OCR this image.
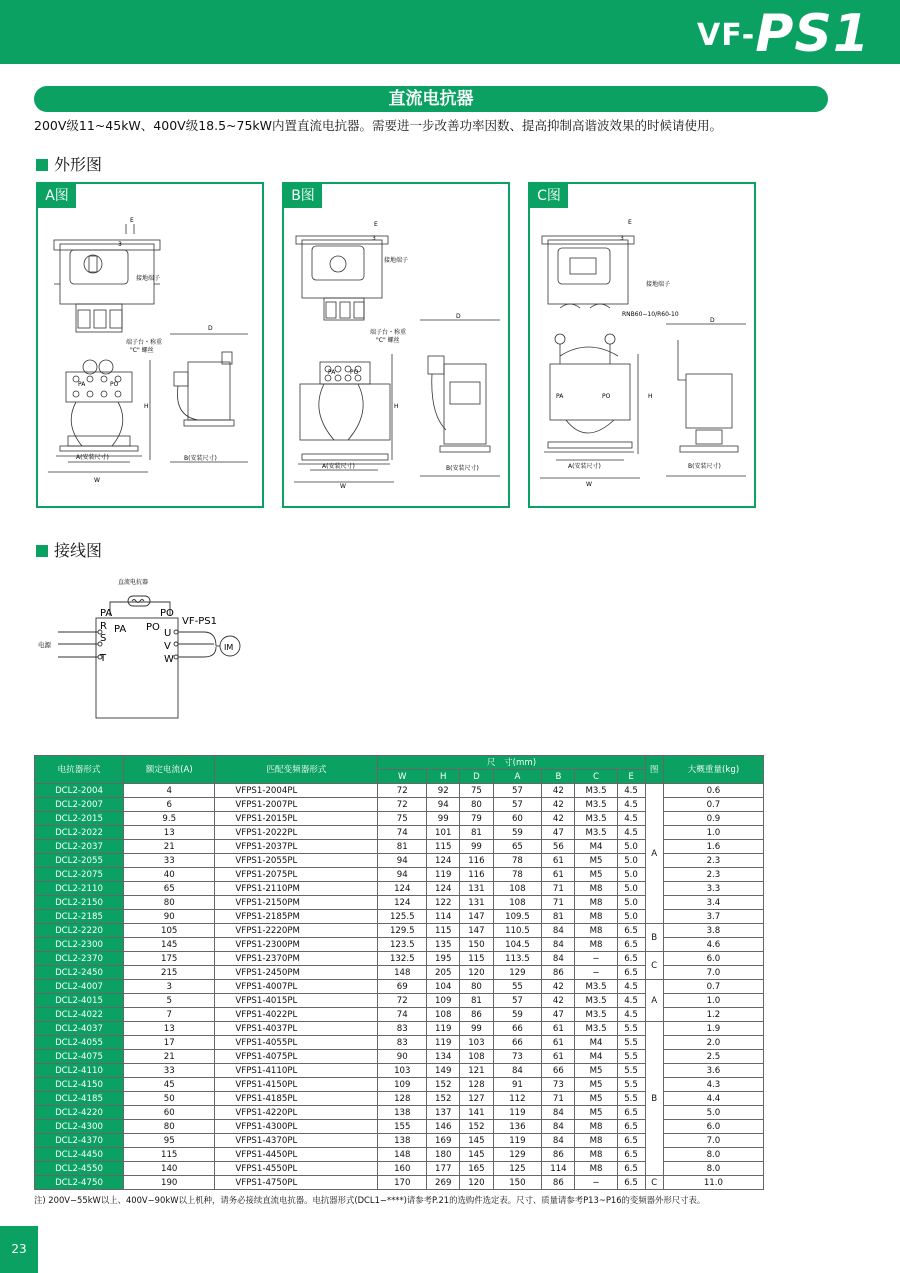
VF-PS1
直流电抗器
200V级11~45kW、400V级18.5~75kW内置直流电抗器。需要进一步改善功率因数、提高抑制高谐波效果的时候请使用。
外形图
A图
3
E
接地端子
端子台・称重
"C" 螺丝
PA	PO
H
A(安装尺寸)
W
D
B(安装尺寸)
B图
3
E
接地端子
端子台・称重
"C" 螺丝
PA PO
H
A(安装尺寸)
W
D
B(安装尺寸)
C图
3
E
接地端子
RNB60−10/R60-10
PA	PO	H
A(安装尺寸)
W
D
B(安装尺寸)
接线图
直流电抗器
PA	PO
PA PO
VF-PS1
R
S
T
U
V
W
电源	IM
电抗器形式	额定电流(A)	匹配变频器形式	尺　寸(mm)							图	大概重量(kg)
			W	H	D	A	B	C	E		
DCL2-2004	4	VFPS1-2004PL	72	92	75	57	42	M3.5	4.5	A	0.6
DCL2-2007	6	VFPS1-2007PL	72	94	80	57	42	M3.5	4.5		0.7
DCL2-2015	9.5	VFPS1-2015PL	75	99	79	60	42	M3.5	4.5		0.9
DCL2-2022	13	VFPS1-2022PL	74	101	81	59	47	M3.5	4.5		1.0
DCL2-2037	21	VFPS1-2037PL	81	115	99	65	56	M4	5.0		1.6
DCL2-2055	33	VFPS1-2055PL	94	124	116	78	61	M5	5.0		2.3
DCL2-2075	40	VFPS1-2075PL	94	119	116	78	61	M5	5.0		2.3
DCL2-2110	65	VFPS1-2110PM	124	124	131	108	71	M8	5.0		3.3
DCL2-2150	80	VFPS1-2150PM	124	122	131	108	71	M8	5.0		3.4
DCL2-2185	90	VFPS1-2185PM	125.5	114	147	109.5	81	M8	5.0		3.7
DCL2-2220	105	VFPS1-2220PM	129.5	115	147	110.5	84	M8	6.5	B	3.8
DCL2-2300	145	VFPS1-2300PM	123.5	135	150	104.5	84	M8	6.5		4.6
DCL2-2370	175	VFPS1-2370PM	132.5	195	115	113.5	84	−	6.5	C	6.0
DCL2-2450	215	VFPS1-2450PM	148	205	120	129	86	−	6.5		7.0
DCL2-4007	3	VFPS1-4007PL	69	104	80	55	42	M3.5	4.5	A	0.7
DCL2-4015	5	VFPS1-4015PL	72	109	81	57	42	M3.5	4.5		1.0
DCL2-4022	7	VFPS1-4022PL	74	108	86	59	47	M3.5	4.5		1.2
DCL2-4037	13	VFPS1-4037PL	83	119	99	66	61	M3.5	5.5	B	1.9
DCL2-4055	17	VFPS1-4055PL	83	119	103	66	61	M4	5.5		2.0
DCL2-4075	21	VFPS1-4075PL	90	134	108	73	61	M4	5.5		2.5
DCL2-4110	33	VFPS1-4110PL	103	149	121	84	66	M5	5.5		3.6
DCL2-4150	45	VFPS1-4150PL	109	152	128	91	73	M5	5.5		4.3
DCL2-4185	50	VFPS1-4185PL	128	152	127	112	71	M5	5.5		4.4
DCL2-4220	60	VFPS1-4220PL	138	137	141	119	84	M5	6.5		5.0
DCL2-4300	80	VFPS1-4300PL	155	146	152	136	84	M8	6.5		6.0
DCL2-4370	95	VFPS1-4370PL	138	169	145	119	84	M8	6.5		7.0
DCL2-4450	115	VFPS1-4450PL	148	180	145	129	86	M8	6.5		8.0
DCL2-4550	140	VFPS1-4550PL	160	177	165	125	114	M8	6.5		8.0
DCL2-4750	190	VFPS1-4750PL	170	269	120	150	86	−	6.5	C	11.0
注) 200V−55kW以上、400V−90kW以上机种，请务必接续直流电抗器。电抗器形式(DCL1−****)请参考P.21的选购件选定表。尺寸、质量请参考P13~P16的变频器外形尺寸表。
23
